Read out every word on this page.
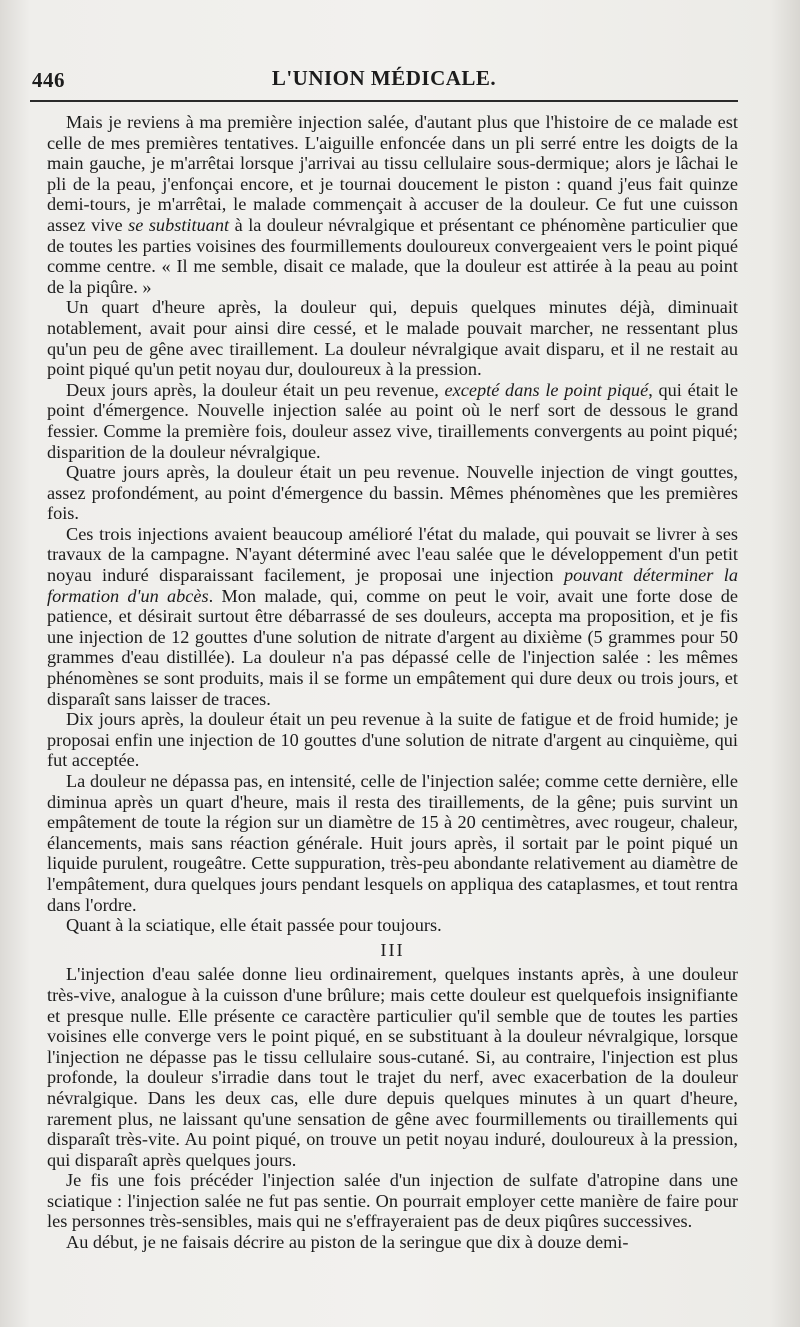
446	L'UNION MÉDICALE.

Mais je reviens à ma première injection salée, d'autant plus que l'histoire de ce malade est celle de mes premières tentatives. L'aiguille enfoncée dans un pli serré entre les doigts de la main gauche, je m'arrêtai lorsque j'arrivai au tissu cellulaire sous-dermique; alors je lâchai le pli de la peau, j'enfonçai encore, et je tournai doucement le piston : quand j'eus fait quinze demi-tours, je m'arrêtai, le malade commençait à accuser de la douleur. Ce fut une cuisson assez vive se substituant à la douleur névralgique et présentant ce phénomène particulier que de toutes les parties voisines des fourmillements douloureux convergeaient vers le point piqué comme centre. « Il me semble, disait ce malade, que la douleur est attirée à la peau au point de la piqûre. »

Un quart d'heure après, la douleur qui, depuis quelques minutes déjà, diminuait notablement, avait pour ainsi dire cessé, et le malade pouvait marcher, ne ressentant plus qu'un peu de gêne avec tiraillement. La douleur névralgique avait disparu, et il ne restait au point piqué qu'un petit noyau dur, douloureux à la pression.

Deux jours après, la douleur était un peu revenue, excepté dans le point piqué, qui était le point d'émergence. Nouvelle injection salée au point où le nerf sort de dessous le grand fessier. Comme la première fois, douleur assez vive, tiraillements convergents au point piqué; disparition de la douleur névralgique.

Quatre jours après, la douleur était un peu revenue. Nouvelle injection de vingt gouttes, assez profondément, au point d'émergence du bassin. Mêmes phénomènes que les premières fois.

Ces trois injections avaient beaucoup amélioré l'état du malade, qui pouvait se livrer à ses travaux de la campagne. N'ayant déterminé avec l'eau salée que le développement d'un petit noyau induré disparaissant facilement, je proposai une injection pouvant déterminer la formation d'un abcès. Mon malade, qui, comme on peut le voir, avait une forte dose de patience, et désirait surtout être débarrassé de ses douleurs, accepta ma proposition, et je fis une injection de 12 gouttes d'une solution de nitrate d'argent au dixième (5 grammes pour 50 grammes d'eau distillée). La douleur n'a pas dépassé celle de l'injection salée : les mêmes phénomènes se sont produits, mais il se forme un empâtement qui dure deux ou trois jours, et disparaît sans laisser de traces.

Dix jours après, la douleur était un peu revenue à la suite de fatigue et de froid humide; je proposai enfin une injection de 10 gouttes d'une solution de nitrate d'argent au cinquième, qui fut acceptée.

La douleur ne dépassa pas, en intensité, celle de l'injection salée; comme cette dernière, elle diminua après un quart d'heure, mais il resta des tiraillements, de la gêne; puis survint un empâtement de toute la région sur un diamètre de 15 à 20 centimètres, avec rougeur, chaleur, élancements, mais sans réaction générale. Huit jours après, il sortait par le point piqué un liquide purulent, rougeâtre. Cette suppuration, très-peu abondante relativement au diamètre de l'empâtement, dura quelques jours pendant lesquels on appliqua des cataplasmes, et tout rentra dans l'ordre.

Quant à la sciatique, elle était passée pour toujours.

III

L'injection d'eau salée donne lieu ordinairement, quelques instants après, à une douleur très-vive, analogue à la cuisson d'une brûlure; mais cette douleur est quelquefois insignifiante et presque nulle. Elle présente ce caractère particulier qu'il semble que de toutes les parties voisines elle converge vers le point piqué, en se substituant à la douleur névralgique, lorsque l'injection ne dépasse pas le tissu cellulaire sous-cutané. Si, au contraire, l'injection est plus profonde, la douleur s'irradie dans tout le trajet du nerf, avec exacerbation de la douleur névralgique. Dans les deux cas, elle dure depuis quelques minutes à un quart d'heure, rarement plus, ne laissant qu'une sensation de gêne avec fourmillements ou tiraillements qui disparaît très-vite. Au point piqué, on trouve un petit noyau induré, douloureux à la pression, qui disparaît après quelques jours.

Je fis une fois précéder l'injection salée d'un injection de sulfate d'atropine dans une sciatique : l'injection salée ne fut pas sentie. On pourrait employer cette manière de faire pour les personnes très-sensibles, mais qui ne s'effrayeraient pas de deux piqûres successives.

Au début, je ne faisais décrire au piston de la seringue que dix à douze demi-
